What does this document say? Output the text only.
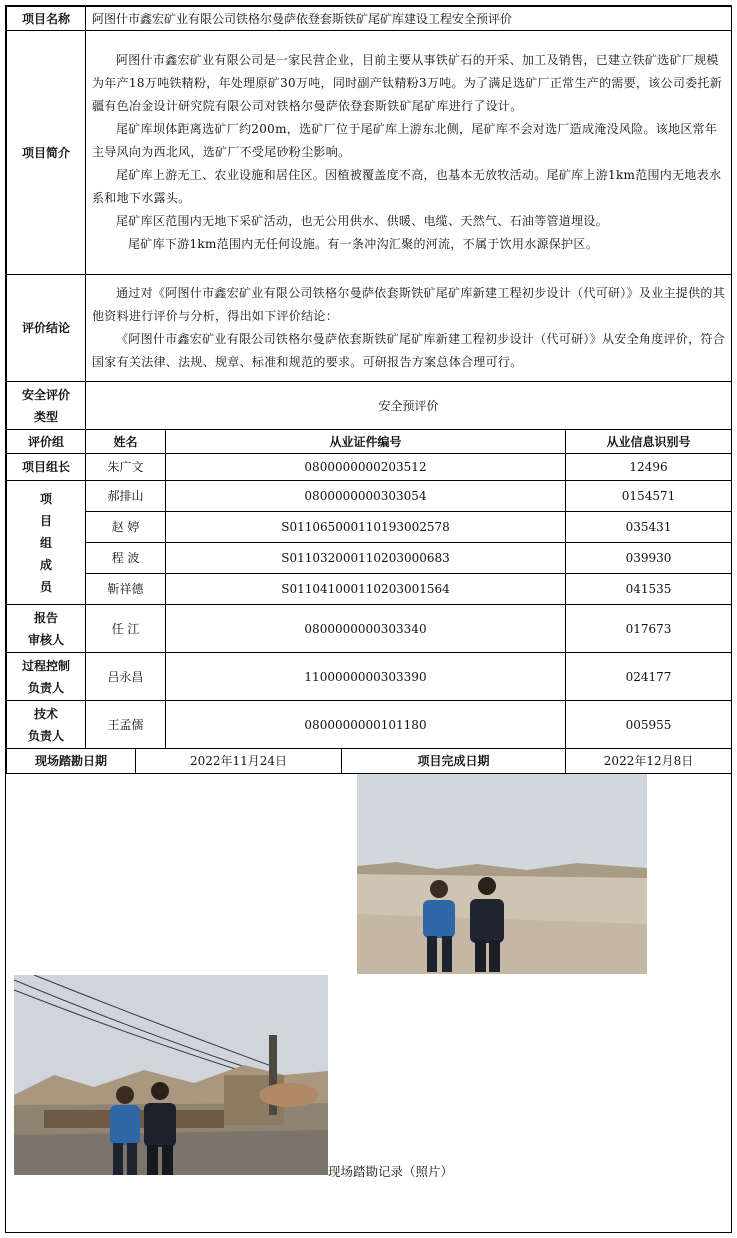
项目名称	阿图什市鑫宏矿业有限公司铁格尔曼萨依登套斯铁矿尾矿库建设工程安全预评价				
项目简介	阿图什市鑫宏矿业有限公司是一家民营企业，目前主要从事铁矿石的开采、加工及销售，已建立铁矿选矿厂规模为年产18万吨铁精粉，年处理原矿30万吨，同时副产钛精粉3万吨。为了满足选矿厂正常生产的需要，该公司委托新疆有色冶金设计研究院有限公司对铁格尔曼萨依登套斯铁矿尾矿库进行了设计。

尾矿库坝体距离选矿厂约200m，选矿厂位于尾矿库上游东北侧，尾矿库不会对选厂造成淹没风险。该地区常年主导风向为西北风，选矿厂不受尾砂粉尘影响。

尾矿库上游无工、农业设施和居住区。因植被覆盖度不高，也基本无放牧活动。尾矿库上游1km范围内无地表水系和地下水露头。

尾矿库区范围内无地下采矿活动，也无公用供水、供暖、电缆、天然气、石油等管道埋设。

尾矿库下游1km范围内无任何设施。有一条冲沟汇聚的河流，不属于饮用水源保护区。				

评价结论	通过对《阿图什市鑫宏矿业有限公司铁格尔曼萨依套斯铁矿尾矿库新建工程初步设计（代可研）》及业主提供的其他资料进行评价与分析，得出如下评价结论：

《阿图什市鑫宏矿业有限公司铁格尔曼萨依套斯铁矿尾矿库新建工程初步设计（代可研）》从安全角度评价，符合国家有关法律、法规、规章、标准和规范的要求。可研报告方案总体合理可行。				

安全评价
类型	安全预评价				
评价组	姓名		从业证件编号		从业信息识别号
项目组长	朱广文		0800000000203512		12496
项
目
组
成
员	郝排山		0800000000303054		0154571
	赵 婷		S011065000110193002578		035431
	程 波		S011032000110203000683		039930
	靳祥德		S011041000110203001564		041535
报告
审核人	任 江		0800000000303340		017673
过程控制
负责人	吕永昌		1100000000303390		024177
技术
负责人	王孟儒		0800000000101180		005955
现场踏勘日期		2022年11月24日		项目完成日期	2022年12月8日
现场踏勘记录（照片）
